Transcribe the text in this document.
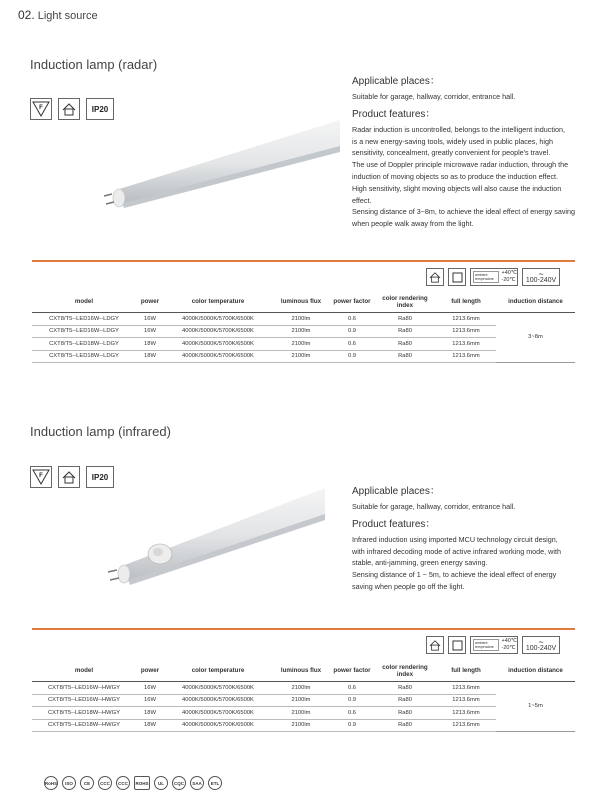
02. Light source
Induction lamp (radar)
F	IP20
Applicable places：
Suitable for garage, hallway, corridor, entrance hall.
Product features：
Radar induction is uncontrolled, belongs to the intelligent induction,
is a new energy-saving tools, widely used in public places, high
sensitivity, concealment, greatly convenient for people's travel.
The use of Doppler principle microwave radar induction, through the
induction of moving objects so as to produce the induction effect.
High sensitivity, slight moving objects will also cause the induction
effect.
Sensing distance of 3~8m, to achieve the ideal effect of energy saving
when people walk away from the light.
ambient temperature
+40℃
-20℃
~
100-240V
model	power	color temperature	luminous flux	power factor	color rendering index	full length	induction distance
CXT8/T5--LED16W--LDGY	16W	4000K/5000K/5700K/6500K	2100lm	0.6	Ra80	1213.6mm	3~8m
CXT8/T5--LED16W--LDGY	16W	4000K/5000K/5700K/6500K	2100lm	0.9	Ra80	1213.6mm	
CXT8/T5--LED18W--LDGY	18W	4000K/5000K/5700K/6500K	2100lm	0.6	Ra80	1213.6mm	
CXT8/T5--LED18W--LDGY	18W	4000K/5000K/5700K/6500K	2100lm	0.9	Ra80	1213.6mm	
Induction lamp (infrared)
F	IP20
Applicable places：
Suitable for garage, hallway, corridor, entrance hall.
Product features：
Infrared induction using imported MCU technology circuit design,
with infrared decoding mode of active infrared working mode, with
stable, anti-jamming, green energy saving.
Sensing distance of 1 ~ 5m, to achieve the ideal effect of energy
saving when people go off the light.
ambient temperature
+40℃
-20℃
~
100-240V
model	power	color temperature	luminous flux	power factor	color rendering index	full length	induction distance
CXT8/T5--LED16W--HWGY	16W	4000K/5000K/5700K/6500K	2100lm	0.6	Ra80	1213.6mm	1~5m
CXT8/T5--LED16W--HWGY	16W	4000K/5000K/5700K/6500K	2100lm	0.9	Ra80	1213.6mm	
CXT8/T5--LED18W--HWGY	18W	4000K/5000K/5700K/6500K	2100lm	0.6	Ra80	1213.6mm	
CXT8/T5--LED18W--HWGY	18W	4000K/5000K/5700K/6500K	2100lm	0.9	Ra80	1213.6mm	
RoHS	ISO	CE	CCC	CCC	ROHS	UL	CQC	SAA	ETL
